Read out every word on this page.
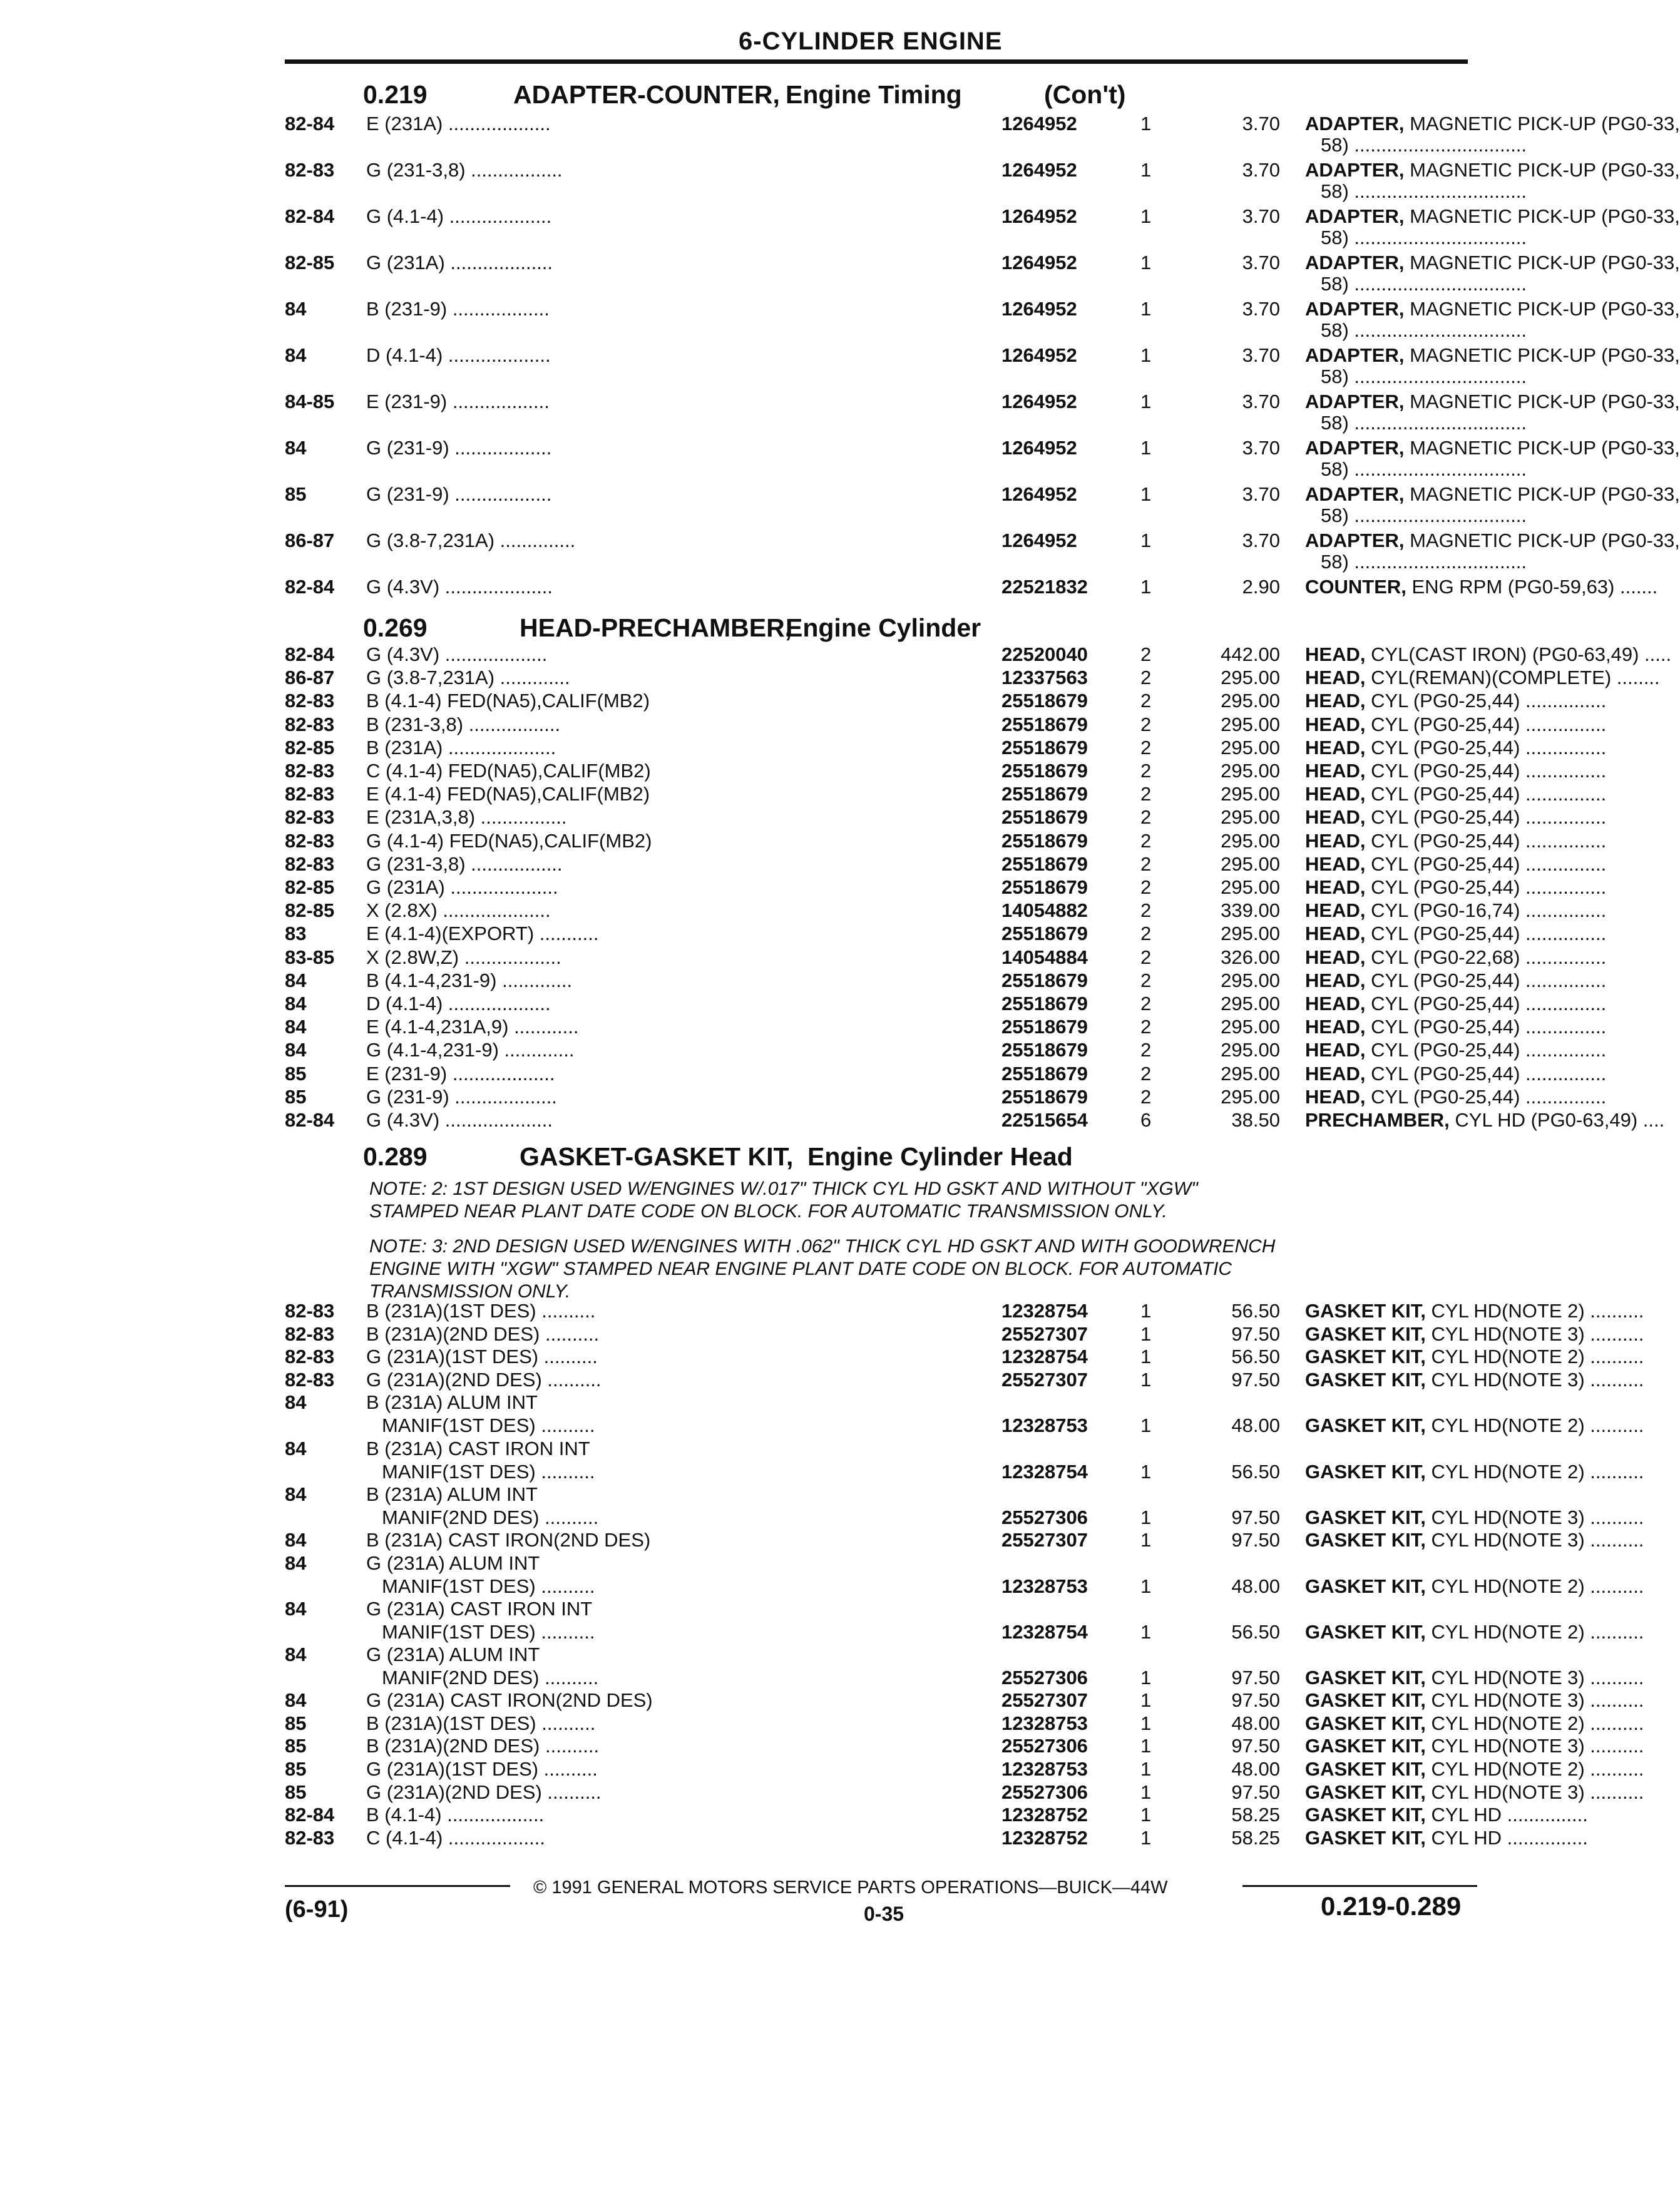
6-CYLINDER ENGINE
0.219	ADAPTER-COUNTER, Engine Timing	(Con't)
82-84 E (231A) ...................	1264952	1	3.70 ADAPTER, MAGNETIC PICK-UP (PG0-33,
58) ................................
82-83 G (231-3,8) .................	1264952	1	3.70 ADAPTER, MAGNETIC PICK-UP (PG0-33,
58) ................................
82-84 G (4.1-4) ...................	1264952	1	3.70 ADAPTER, MAGNETIC PICK-UP (PG0-33,
58) ................................
82-85 G (231A) ...................	1264952	1	3.70 ADAPTER, MAGNETIC PICK-UP (PG0-33,
58) ................................
84	B (231-9) ..................	1264952	1	3.70 ADAPTER, MAGNETIC PICK-UP (PG0-33,
58) ................................
84	D (4.1-4) ...................	1264952	1	3.70 ADAPTER, MAGNETIC PICK-UP (PG0-33,
58) ................................
84-85 E (231-9) ..................	1264952	1	3.70 ADAPTER, MAGNETIC PICK-UP (PG0-33,
58) ................................
84	G (231-9) ..................	1264952	1	3.70 ADAPTER, MAGNETIC PICK-UP (PG0-33,
58) ................................
85	G (231-9) ..................	1264952	1	3.70 ADAPTER, MAGNETIC PICK-UP (PG0-33,
58) ................................
86-87 G (3.8-7,231A) ..............	1264952	1	3.70 ADAPTER, MAGNETIC PICK-UP (PG0-33,
58) ................................
82-84 G (4.3V) ....................	22521832	1	2.90 COUNTER, ENG RPM (PG0-59,63) .......
0.269	HEAD-PRECHAMBER,
Engine Cylinder
82-84 G (4.3V) ...................	22520040	2	442.00 HEAD, CYL(CAST IRON) (PG0-63,49) .....
86-87 G (3.8-7,231A) .............	12337563	2	295.00 HEAD, CYL(REMAN)(COMPLETE) ........
82-83 B (4.1-4) FED(NA5),CALIF(MB2)	25518679	2	295.00 HEAD, CYL (PG0-25,44) ...............
82-83 B (231-3,8) .................	25518679	2	295.00 HEAD, CYL (PG0-25,44) ...............
82-85 B (231A) ....................	25518679	2	295.00 HEAD, CYL (PG0-25,44) ...............
82-83 C (4.1-4) FED(NA5),CALIF(MB2)	25518679	2	295.00 HEAD, CYL (PG0-25,44) ...............
82-83 E (4.1-4) FED(NA5),CALIF(MB2)	25518679	2	295.00 HEAD, CYL (PG0-25,44) ...............
82-83 E (231A,3,8) ................	25518679	2	295.00 HEAD, CYL (PG0-25,44) ...............
82-83 G (4.1-4) FED(NA5),CALIF(MB2)	25518679	2	295.00 HEAD, CYL (PG0-25,44) ...............
82-83 G (231-3,8) .................	25518679	2	295.00 HEAD, CYL (PG0-25,44) ...............
82-85 G (231A) ....................	25518679	2	295.00 HEAD, CYL (PG0-25,44) ...............
82-85 X (2.8X) ....................	14054882	2	339.00 HEAD, CYL (PG0-16,74) ...............
83	E (4.1-4)(EXPORT) ...........	25518679	2	295.00 HEAD, CYL (PG0-25,44) ...............
83-85 X (2.8W,Z) ..................	14054884	2	326.00 HEAD, CYL (PG0-22,68) ...............
84	B (4.1-4,231-9) .............	25518679	2	295.00 HEAD, CYL (PG0-25,44) ...............
84	D (4.1-4) ...................	25518679	2	295.00 HEAD, CYL (PG0-25,44) ...............
84	E (4.1-4,231A,9) ............	25518679	2	295.00 HEAD, CYL (PG0-25,44) ...............
84	G (4.1-4,231-9) .............	25518679	2	295.00 HEAD, CYL (PG0-25,44) ...............
85	E (231-9) ...................	25518679	2	295.00 HEAD, CYL (PG0-25,44) ...............
85	G (231-9) ...................	25518679	2	295.00 HEAD, CYL (PG0-25,44) ...............
82-84 G (4.3V) ....................	22515654	6	38.50 PRECHAMBER, CYL HD (PG0-63,49) ....
0.289	GASKET-GASKET KIT, Engine Cylinder Head
NOTE: 2: 1ST DESIGN USED W/ENGINES W/.017" THICK CYL HD GSKT AND WITHOUT "XGW"
STAMPED NEAR PLANT DATE CODE ON BLOCK. FOR AUTOMATIC TRANSMISSION ONLY.
NOTE: 3: 2ND DESIGN USED W/ENGINES WITH .062" THICK CYL HD GSKT AND WITH GOODWRENCH
ENGINE WITH "XGW" STAMPED NEAR ENGINE PLANT DATE CODE ON BLOCK. FOR AUTOMATIC
TRANSMISSION ONLY.
82-83 B (231A)(1ST DES) ..........	12328754	1	56.50 GASKET KIT, CYL HD(NOTE 2) ..........
82-83 B (231A)(2ND DES) ..........	25527307	1	97.50 GASKET KIT, CYL HD(NOTE 3) ..........
82-83 G (231A)(1ST DES) ..........	12328754	1	56.50 GASKET KIT, CYL HD(NOTE 2) ..........
82-83 G (231A)(2ND DES) ..........	25527307	1	97.50 GASKET KIT, CYL HD(NOTE 3) ..........
84	B (231A) ALUM INT
MANIF(1ST DES) ..........	12328753	1	48.00 GASKET KIT, CYL HD(NOTE 2) ..........
84	B (231A) CAST IRON INT
MANIF(1ST DES) ..........	12328754	1	56.50 GASKET KIT, CYL HD(NOTE 2) ..........
84	B (231A) ALUM INT
MANIF(2ND DES) ..........	25527306	1	97.50 GASKET KIT, CYL HD(NOTE 3) ..........
84	B (231A) CAST IRON(2ND DES)	25527307	1	97.50 GASKET KIT, CYL HD(NOTE 3) ..........
84	G (231A) ALUM INT
MANIF(1ST DES) ..........	12328753	1	48.00 GASKET KIT, CYL HD(NOTE 2) ..........
84	G (231A) CAST IRON INT
MANIF(1ST DES) ..........	12328754	1	56.50 GASKET KIT, CYL HD(NOTE 2) ..........
84	G (231A) ALUM INT
MANIF(2ND DES) ..........	25527306	1	97.50 GASKET KIT, CYL HD(NOTE 3) ..........
84	G (231A) CAST IRON(2ND DES)	25527307	1	97.50 GASKET KIT, CYL HD(NOTE 3) ..........
85	B (231A)(1ST DES) ..........	12328753	1	48.00 GASKET KIT, CYL HD(NOTE 2) ..........
85	B (231A)(2ND DES) ..........	25527306	1	97.50 GASKET KIT, CYL HD(NOTE 3) ..........
85	G (231A)(1ST DES) ..........	12328753	1	48.00 GASKET KIT, CYL HD(NOTE 2) ..........
85	G (231A)(2ND DES) ..........	25527306	1	97.50 GASKET KIT, CYL HD(NOTE 3) ..........
82-84 B (4.1-4) ..................	12328752	1	58.25 GASKET KIT, CYL HD ...............
82-83 C (4.1-4) ..................	12328752	1	58.25 GASKET KIT, CYL HD ...............
© 1991 GENERAL MOTORS SERVICE PARTS OPERATIONS—BUICK—44W
(6-91)	0-35	0.219-0.289
